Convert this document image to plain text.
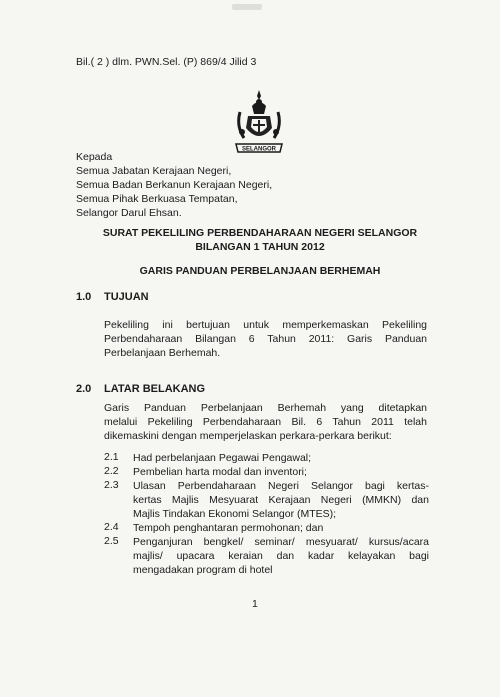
Bil.( 2 ) dlm. PWN.Sel. (P) 869/4 Jilid 3
SELANGOR
Kepada
Semua Jabatan Kerajaan Negeri,
Semua Badan Berkanun Kerajaan Negeri,
Semua Pihak Berkuasa Tempatan,
Selangor Darul Ehsan.
SURAT PEKELILING PERBENDAHARAAN NEGERI SELANGOR
BILANGAN 1 TAHUN 2012
GARIS PANDUAN PERBELANJAAN BERHEMAH
1.0 TUJUAN
Pekeliling ini bertujuan untuk memperkemaskan Pekeliling
Perbendaharaan Bilangan 6 Tahun 2011: Garis Panduan
Perbelanjaan Berhemah.
2.0 LATAR BELAKANG
Garis Panduan Perbelanjaan Berhemah yang ditetapkan
melalui Pekeliling Perbendaharaan Bil. 6 Tahun 2011 telah
dikemaskini dengan memperjelaskan perkara-perkara berikut:
2.1 Had perbelanjaan Pegawai Pengawal;
2.2 Pembelian harta modal dan inventori;
2.3 Ulasan Perbendaharaan Negeri Selangor bagi kertas-
kertas Majlis Mesyuarat Kerajaan Negeri (MMKN) dan
Majlis Tindakan Ekonomi Selangor (MTES);
2.4 Tempoh penghantaran permohonan; dan
2.5 Penganjuran bengkel/ seminar/ mesyuarat/ kursus/acara
majlis/ upacara keraian dan kadar kelayakan bagi
mengadakan program di hotel
1
